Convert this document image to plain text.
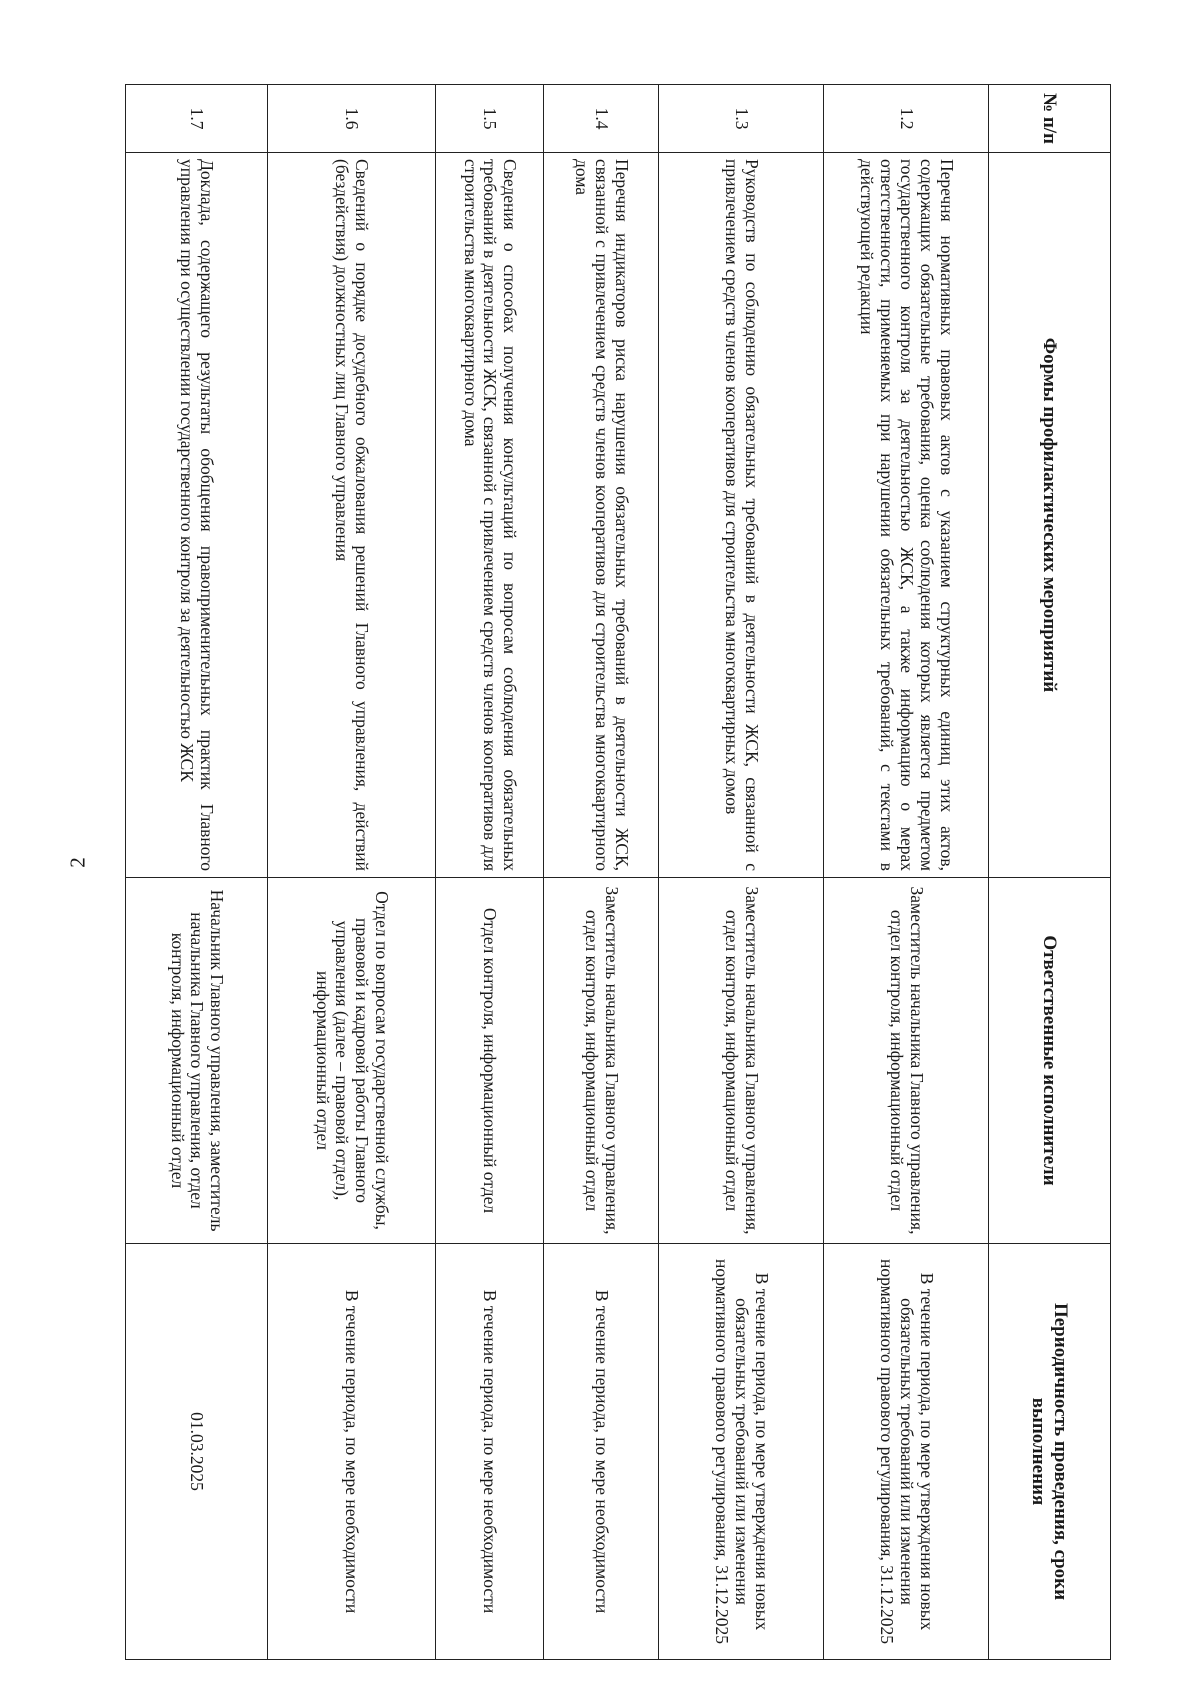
2
№ п/п	Формы профилактических мероприятий	Ответственные исполнители	Периодичность проведения, сроки выполнения
1.2	Перечня нормативных правовых актов с указанием структурных единиц этих актов, содержащих обязательные требования, оценка соблюдения которых является предметом государственного контроля за деятельностью ЖСК, а также информацию о мерах ответственности, применяемых при нарушении обязательных требований, с текстами в действующей редакции	Заместитель начальника Главного управления, отдел контроля, информационный отдел	В течение периода, по мере утверждения новых обязательных требований или изменения нормативного правового регулирования, 31.12.2025
1.3	Руководств по соблюдению обязательных требований в деятельности ЖСК, связанной с привлечением средств членов кооперативов для строительства многоквартирных домов	Заместитель начальника Главного управления, отдел контроля, информационный отдел	В течение периода, по мере утверждения новых обязательных требований или изменения нормативного правового регулирования, 31.12.2025
1.4	Перечня индикаторов риска нарушения обязательных требований в деятельности ЖСК, связанной с привлечением средств членов кооперативов для строительства многоквартирного дома	Заместитель начальника Главного управления, отдел контроля, информационный отдел	В течение периода, по мере необходимости
1.5	Сведения о способах получения консультаций по вопросам соблюдения обязательных требований в деятельности ЖСК, связанной с привлечением средств членов кооперативов для строительства многоквартирного дома	Отдел контроля, информационный отдел	В течение периода, по мере необходимости
1.6	Сведений о порядке досудебного обжалования решений Главного управления, действий (бездействия) должностных лиц Главного управления	Отдел по вопросам государственной службы, правовой и кадровой работы Главного управления (далее – правовой отдел), информационный отдел	В течение периода, по мере необходимости
1.7	Доклада, содержащего результаты обобщения правоприменительных практик Главного управления при осуществлении государственного контроля за деятельностью ЖСК	Начальник Главного управления, заместитель начальника Главного управления, отдел контроля, информационный отдел	01.03.2025
